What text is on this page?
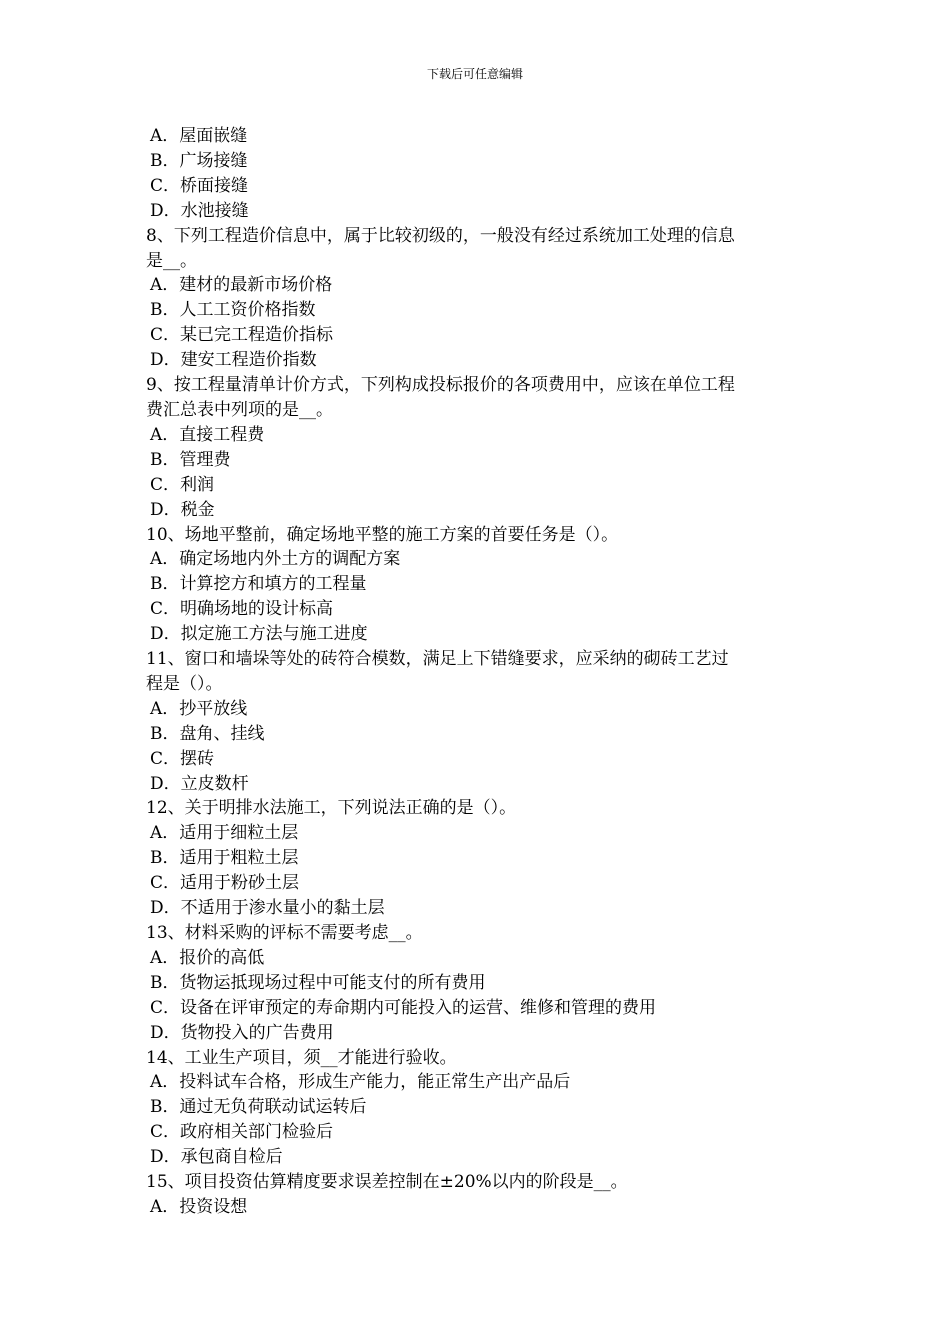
下载后可任意编辑
A．屋面嵌缝
B．广场接缝
C．桥面接缝
D．水池接缝
8、下列工程造价信息中，属于比较初级的，一般没有经过系统加工处理的信息
是__。
A．建材的最新市场价格
B．人工工资价格指数
C．某已完工程造价指标
D．建安工程造价指数
9、按工程量清单计价方式，下列构成投标报价的各项费用中，应该在单位工程
费汇总表中列项的是__。
A．直接工程费
B．管理费
C．利润
D．税金
10、场地平整前，确定场地平整的施工方案的首要任务是（）。
A．确定场地内外土方的调配方案
B．计算挖方和填方的工程量
C．明确场地的设计标高
D．拟定施工方法与施工进度
11、窗口和墙垛等处的砖符合模数，满足上下错缝要求，应采纳的砌砖工艺过
程是（）。
A．抄平放线
B．盘角、挂线
C．摆砖
D．立皮数杆
12、关于明排水法施工，下列说法正确的是（）。
A．适用于细粒土层
B．适用于粗粒土层
C．适用于粉砂土层
D．不适用于渗水量小的黏土层
13、材料采购的评标不需要考虑__。
A．报价的高低
B．货物运抵现场过程中可能支付的所有费用
C．设备在评审预定的寿命期内可能投入的运营、维修和管理的费用
D．货物投入的广告费用
14、工业生产项目，须__才能进行验收。
A．投料试车合格，形成生产能力，能正常生产出产品后
B．通过无负荷联动试运转后
C．政府相关部门检验后
D．承包商自检后
15、项目投资估算精度要求误差控制在±20%以内的阶段是__。
A．投资设想
